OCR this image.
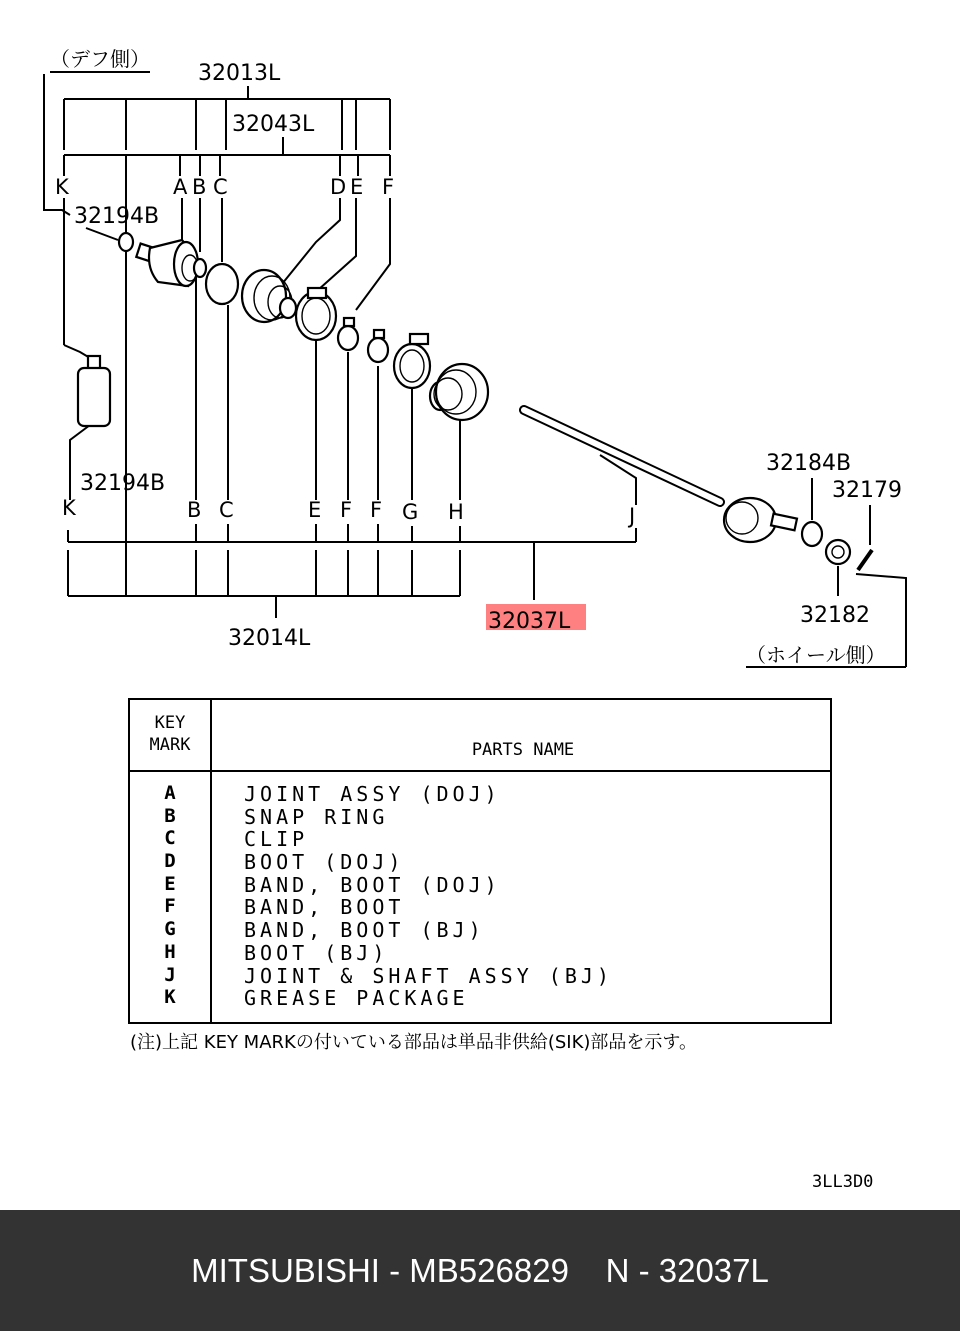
（デフ側）
（ホイール側）
32013L
32043L
32194B
32194B
32014L
32037L
32184B
32179
32182
K	A B C	D E F
K	B C	E F F G H	J
KEY
MARK	PARTS NAME
A	JOINT ASSY (DOJ)
B	SNAP RING
C	CLIP
D	BOOT (DOJ)
E	BAND, BOOT (DOJ)
F	BAND, BOOT
G	BAND, BOOT (BJ)
H	BOOT (BJ)
J	JOINT & SHAFT ASSY (BJ)
K	GREASE PACKAGE
(注)上記 KEY MARKの付いている部品は単品非供給(SIK)部品を示す。
3LL3D0
MITSUBISHI - MB526829    N - 32037L
